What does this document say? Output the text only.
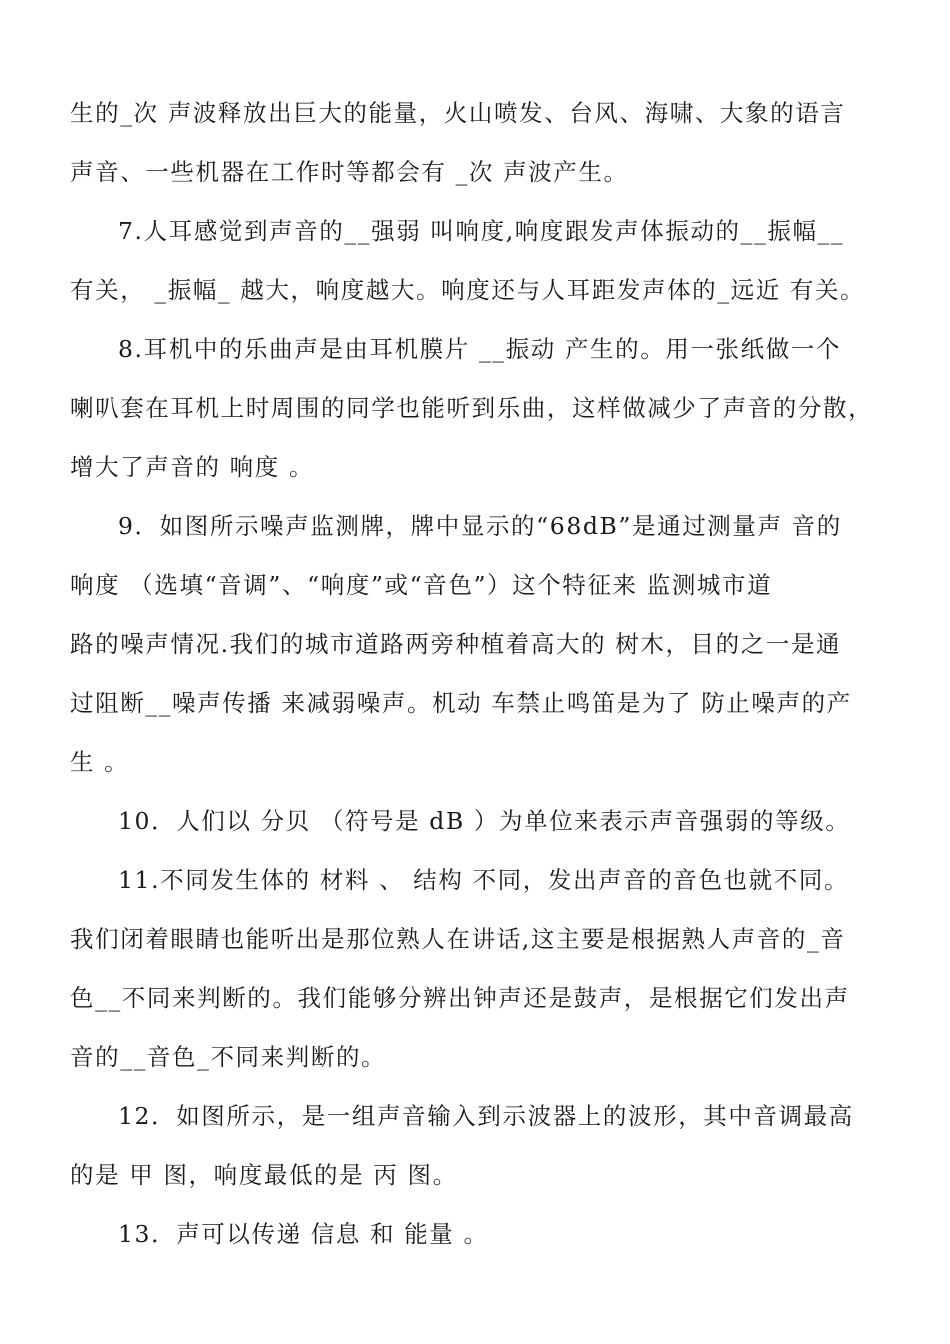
生的_次 声波释放出巨大的能量，火山喷发、台风、海啸、大象的语言
声音、一些机器在工作时等都会有 _次 声波产生。
7.人耳感觉到声音的__强弱 叫响度,响度跟发声体振动的__振幅__
有关， _振幅_ 越大，响度越大。响度还与人耳距发声体的_远近 有关。
8.耳机中的乐曲声是由耳机膜片 __振动 产生的。用一张纸做一个
喇叭套在耳机上时周围的同学也能听到乐曲，这样做减少了声音的分散，
增大了声音的 响度 。
9．如图所示噪声监测牌，牌中显示的“68dB”是通过测量声 音的
响度 （选填“音调”、“响度”或“音色”）这个特征来 监测城市道
路的噪声情况.我们的城市道路两旁种植着高大的 树木，目的之一是通
过阻断__噪声传播 来减弱噪声。机动 车禁止鸣笛是为了 防止噪声的产
生 。
10．人们以 分贝 （符号是 dB ）为单位来表示声音强弱的等级。
11.不同发生体的 材料 、 结构 不同，发出声音的音色也就不同。
我们闭着眼睛也能听出是那位熟人在讲话,这主要是根据熟人声音的_音
色__不同来判断的。我们能够分辨出钟声还是鼓声，是根据它们发出声
音的__音色_不同来判断的。
12．如图所示，是一组声音输入到示波器上的波形，其中音调最高
的是 甲 图，响度最低的是 丙 图。
13．声可以传递 信息 和 能量 。
